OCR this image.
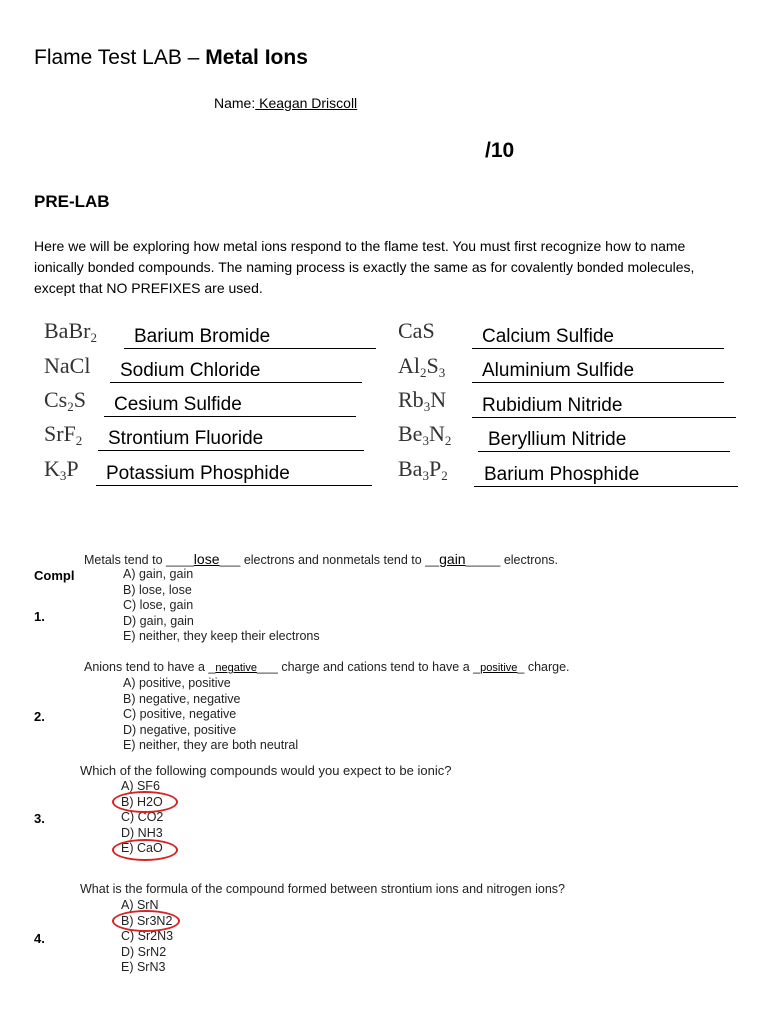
Flame Test LAB – Metal Ions
Name: Keagan Driscoll
/10
PRE-LAB
Here we will be exploring how metal ions respond to the flame test. You must first recognize how to name ionically bonded compounds. The naming process is exactly the same as for covalently bonded molecules, except that NO PREFIXES are used.
BaBr$_2$	Barium Bromide	CaS	Calcium Sulfide
NaCl	Sodium Chloride	$Al_2S_3$	Aluminium Sulfide
$Cs_2S$	Cesium Sulfide	$Rb_3N$	Rubidium Nitride
SrF$_2$	Strontium Fluoride	$Be_3N_2$	Beryllium Nitride
$K_3P$	Potassium Phosphide	$Ba_3P_2$	Barium Phosphide
Compl
Metals tend to ____lose___ electrons and nonmetals tend to __gain_____ electrons.
A) gain, gain
B) lose, lose
C) lose, gain
D) gain, gain
E) neither, they keep their electrons
1.
Anions tend to have a _negative___ charge and cations tend to have a _positive_ charge.
A) positive, positive
B) negative, negative
C) positive, negative
D) negative, positive
E) neither, they are both neutral
2.
Which of the following compounds would you expect to be ionic?
A) SF6
B) H2O
C) CO2
D) NH3
E) CaO
3.
What is the formula of the compound formed between strontium ions and nitrogen ions?
A) SrN
B) Sr3N2
C) Sr2N3
D) SrN2
E) SrN3
4.
